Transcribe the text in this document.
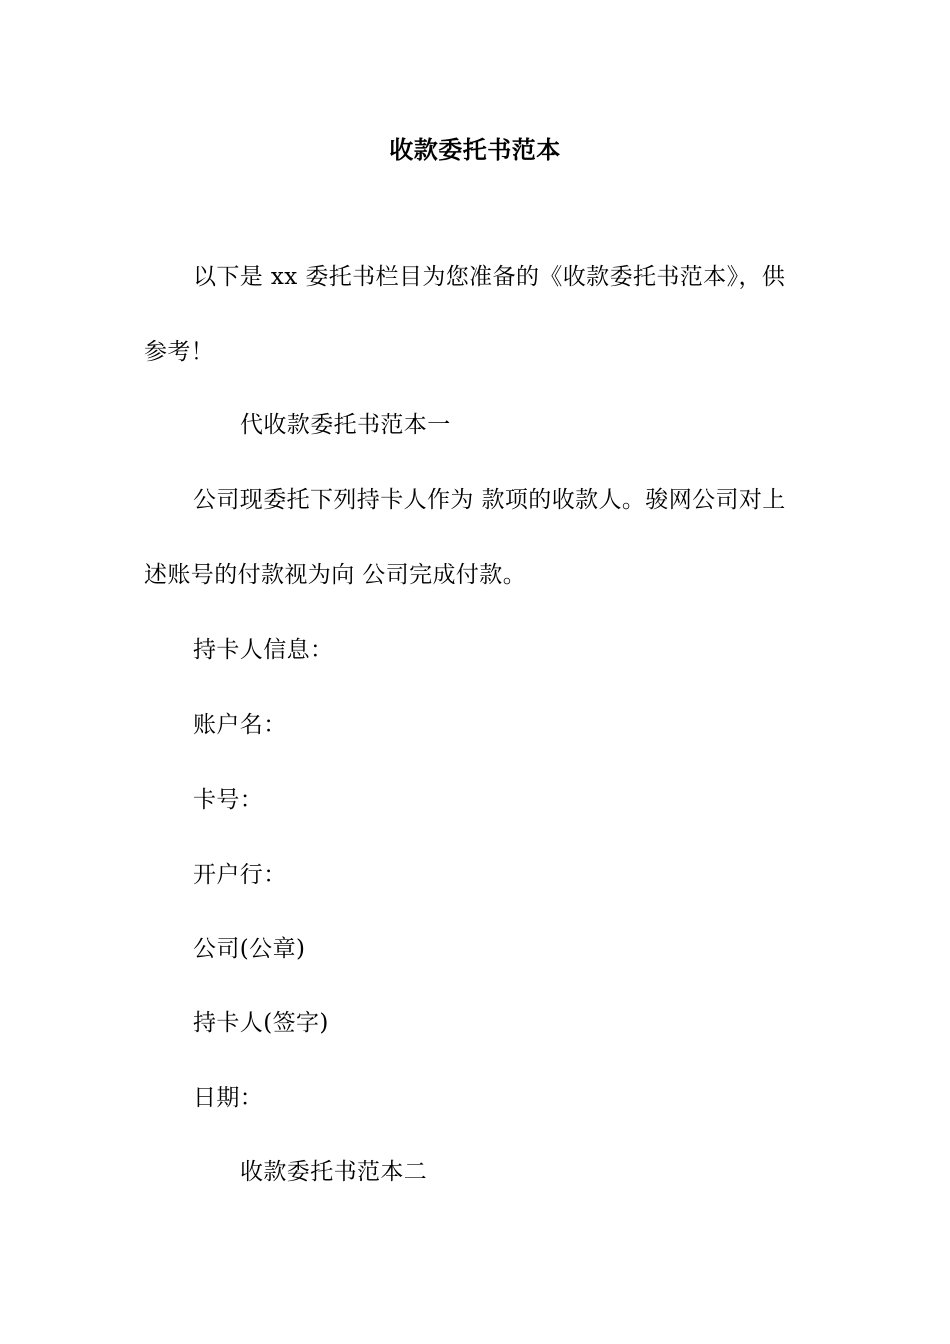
收款委托书范本
以下是 xx 委托书栏目为您准备的《收款委托书范本》，供
参考！
代收款委托书范本一
公司现委托下列持卡人作为 款项的收款人。骏网公司对上
述账号的付款视为向 公司完成付款。
持卡人信息：
账户名：
卡号：
开户行：
公司(公章)
持卡人(签字)
日期：
收款委托书范本二
